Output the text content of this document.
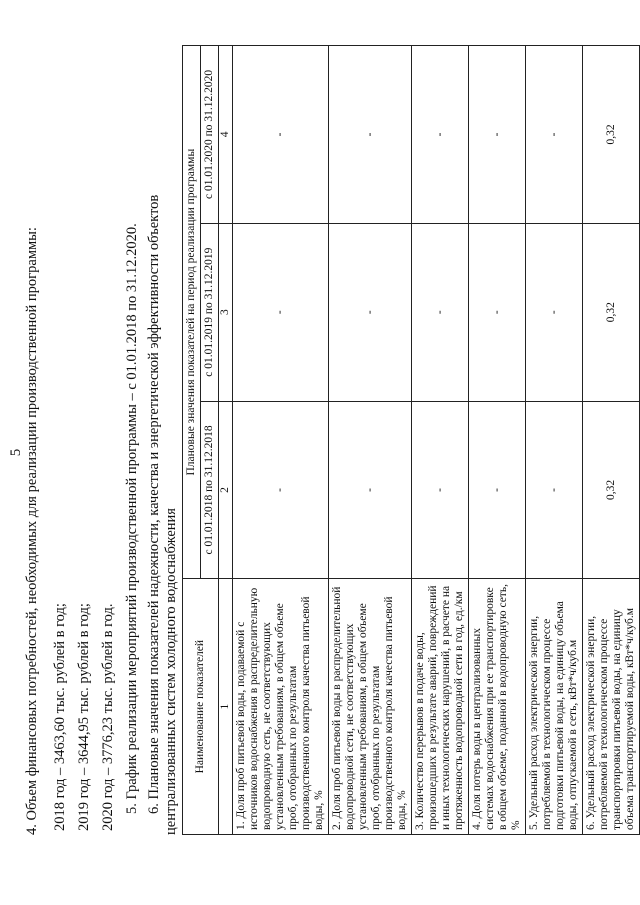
5 4. Объем финансовых потребностей, необходимых для реализации производственной программы: 2018 год – 3463,60 тыс. рублей в год; 2019 год – 3644,95 тыс. рублей в год; 2020 год – 3776,23 тыс. рублей в год. 5. График реализации мероприятий производственной программы – с 01.01.2018 по 31.12.2020. 6. Плановые значения показателей надежности, качества и энергетической эффективности объектов централизованных систем холодного водоснабжения Наименование показателей	Плановые значения показателей на период реализации программы		
	с 01.01.2018 по 31.12.2018	с 01.01.2019 по 31.12.2019	с 01.01.2020 по 31.12.2020
1	2	3	4
1. Доля проб питьевой воды, подаваемой с источников водоснабжения в распределительную водопроводную сеть, не соответствующих установленным требованиям, в общем объеме проб, отобранных по результатам производственного контроля качества питьевой воды, %	-	-	-
2. Доля проб питьевой воды в распределительной водопроводной сети, не соответствующих установленным требованиям, в общем объеме проб, отобранных по результатам производственного контроля качества питьевой воды, %	-	-	-
3. Количество перерывов в подаче воды, произошедших в результате аварий, повреждений и иных технологических нарушений, в расчете на протяженность водопроводной сети в год, ед./км	-	-	-
4. Доля потерь воды в централизованных системах водоснабжения при ее транспортировке в общем объеме, поданной в водопроводную сеть, %	-	-	-
5. Удельный расход электрической энергии, потребляемой в технологическом процессе подготовки питьевой воды, на единицу объема воды, отпускаемой в сеть, кВт*ч/куб.м	-	-	-
6. Удельный расход электрической энергии, потребляемой в технологическом процессе транспортировки питьевой воды, на единицу объема транспортируемой воды, кВт*ч/куб.м	0,32	0,32	0,32
